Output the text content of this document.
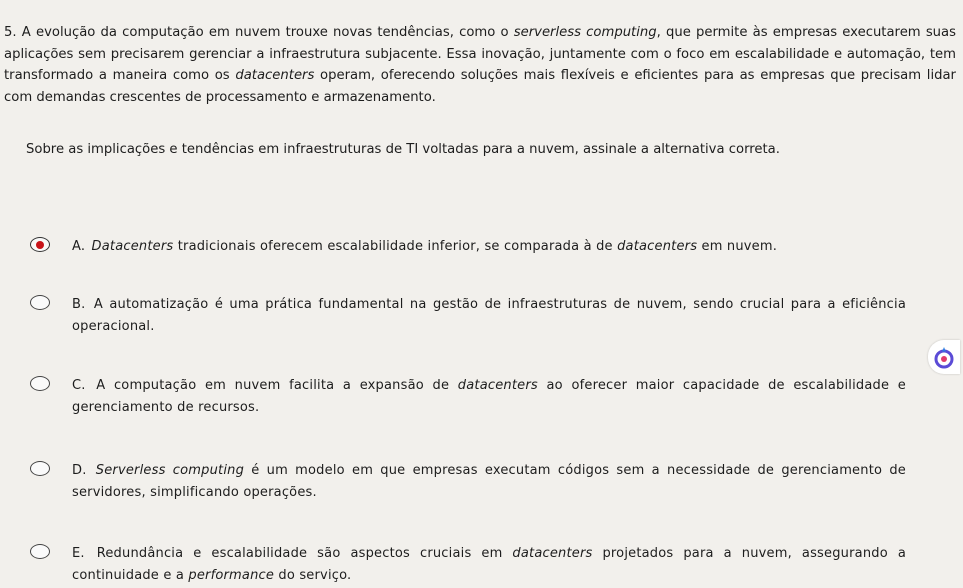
5. A evolução da computação em nuvem trouxe novas tendências, como o serverless computing, que permite às empresas executarem suas aplicações sem precisarem gerenciar a infraestrutura subjacente. Essa inovação, juntamente com o foco em escalabilidade e automação, tem transformado a maneira como os datacenters operam, oferecendo soluções mais flexíveis e eficientes para as empresas que precisam lidar com demandas crescentes de processamento e armazenamento.
Sobre as implicações e tendências em infraestruturas de TI voltadas para a nuvem, assinale a alternativa correta.
A. Datacenters tradicionais oferecem escalabilidade inferior, se comparada à de datacenters em nuvem.
B. A automatização é uma prática fundamental na gestão de infraestruturas de nuvem, sendo crucial para a eficiência operacional.
C. A computação em nuvem facilita a expansão de datacenters ao oferecer maior capacidade de escalabilidade e gerenciamento de recursos.
D. Serverless computing é um modelo em que empresas executam códigos sem a necessidade de gerenciamento de servidores, simplificando operações.
E. Redundância e escalabilidade são aspectos cruciais em datacenters projetados para a nuvem, assegurando a continuidade e a performance do serviço.
